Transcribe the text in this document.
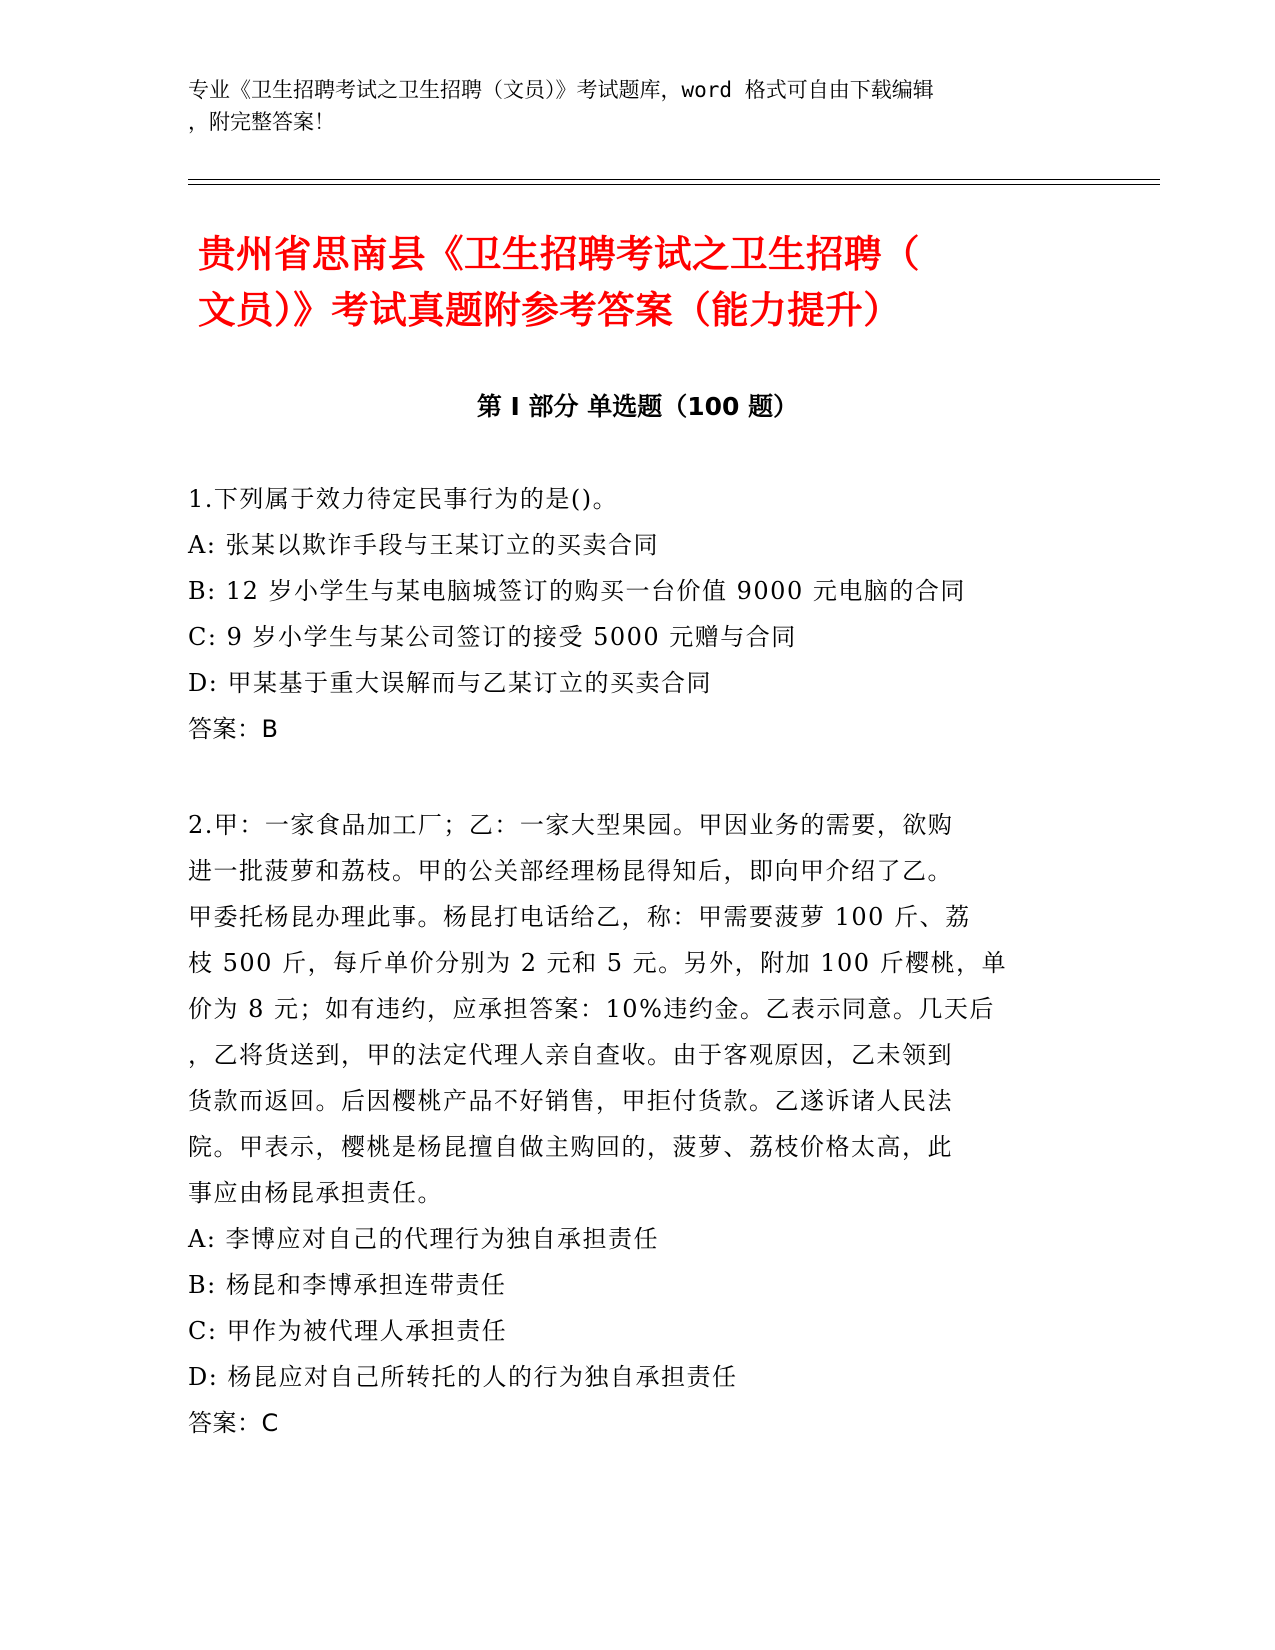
专业《卫生招聘考试之卫生招聘（文员）》考试题库，word 格式可自由下载编辑
，附完整答案！
贵州省思南县《卫生招聘考试之卫生招聘（
文员）》考试真题附参考答案（能力提升）
第 I 部分 单选题（100 题）
1.下列属于效力待定民事行为的是()。
A: 张某以欺诈手段与王某订立的买卖合同
B: 12 岁小学生与某电脑城签订的购买一台价值 9000 元电脑的合同
C: 9 岁小学生与某公司签订的接受 5000 元赠与合同
D: 甲某基于重大误解而与乙某订立的买卖合同
答案：B
2.甲：一家食品加工厂；乙：一家大型果园。甲因业务的需要，欲购
进一批菠萝和荔枝。甲的公关部经理杨昆得知后，即向甲介绍了乙。
甲委托杨昆办理此事。杨昆打电话给乙，称：甲需要菠萝 100 斤、荔
枝 500 斤，每斤单价分别为 2 元和 5 元。另外，附加 100 斤樱桃，单
价为 8 元；如有违约，应承担答案：10%违约金。乙表示同意。几天后
，乙将货送到，甲的法定代理人亲自查收。由于客观原因，乙未领到
货款而返回。后因樱桃产品不好销售，甲拒付货款。乙遂诉诸人民法
院。甲表示，樱桃是杨昆擅自做主购回的，菠萝、荔枝价格太高，此
事应由杨昆承担责任。
A: 李博应对自己的代理行为独自承担责任
B: 杨昆和李博承担连带责任
C: 甲作为被代理人承担责任
D: 杨昆应对自己所转托的人的行为独自承担责任
答案：C
